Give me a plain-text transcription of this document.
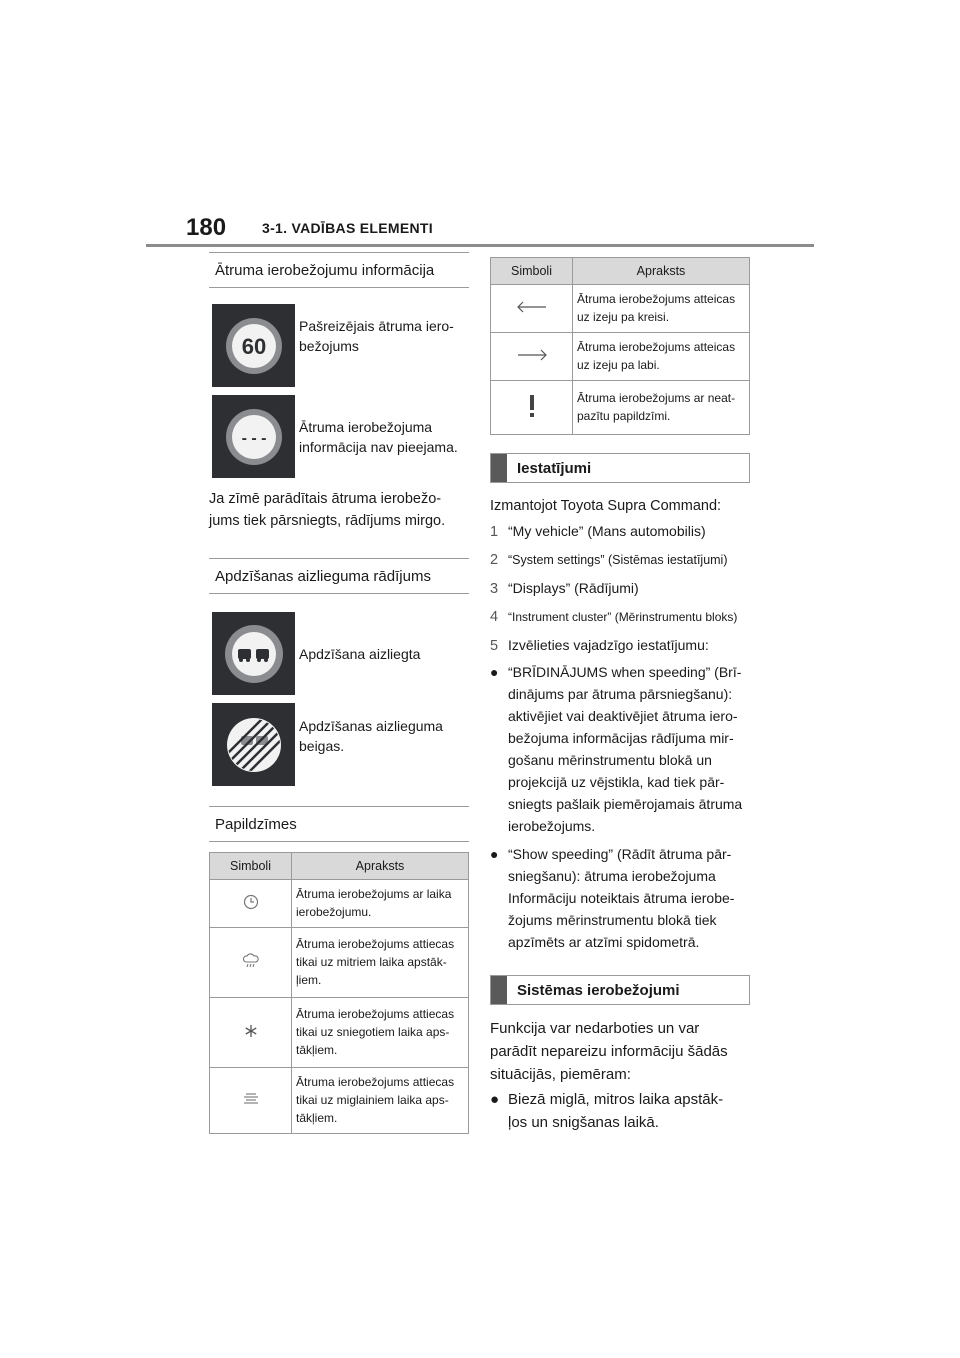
180	3-1. VADĪBAS ELEMENTI
Ātruma ierobežojumu informācija
60
Pašreizējais ātruma iero-bežojums
- - -
Ātruma ierobežojuma informācija nav pieejama.
Ja zīmē parādītais ātruma ierobežo-jums tiek pārsniegts, rādījums mirgo.
Apdzīšanas aizlieguma rādījums
Apdzīšana aizliegta
Apdzīšanas aizlieguma beigas.
Papildzīmes
Simboli	Apraksts
	Ātruma ierobežojums ar laika ierobežojumu.
	Ātruma ierobežojums attiecas tikai uz mitriem laika apstāk-ļiem.
	Ātruma ierobežojums attiecas tikai uz sniegotiem laika aps-tākļiem.
	Ātruma ierobežojums attiecas tikai uz miglainiem laika aps-tākļiem.
Simboli	Apraksts
	Ātruma ierobežojums atteicas uz izeju pa kreisi.
	Ātruma ierobežojums atteicas uz izeju pa labi.
	Ātruma ierobežojums ar neat-pazītu papildzīmi.
Iestatījumi
Izmantojot Toyota Supra Command:
1 “My vehicle” (Mans automobilis)
2 “System settings” (Sistēmas iestatījumi)
3 “Displays” (Rādījumi)
4 “Instrument cluster” (Mērinstrumentu bloks)
5 Izvēlieties vajadzīgo iestatījumu:
● “BRĪDINĀJUMS when speeding” (Brī-
dinājums par ātruma pārsniegšanu):
aktivējiet vai deaktivējiet ātruma iero-
bežojuma informācijas rādījuma mir-
gošanu mērinstrumentu blokā un
projekcijā uz vējstikla, kad tiek pār-
sniegts pašlaik piemērojamais ātruma
ierobežojums.
● “Show speeding” (Rādīt ātruma pār-
sniegšanu): ātruma ierobežojuma
Informāciju noteiktais ātruma ierobe-
žojums mērinstrumentu blokā tiek
apzīmēts ar atzīmi spidometrā.
Sistēmas ierobežojumi
Funkcija var nedarboties un var
parādīt nepareizu informāciju šādās
situācijās, piemēram:
● Biezā miglā, mitros laika apstāk-
ļos un snigšanas laikā.
